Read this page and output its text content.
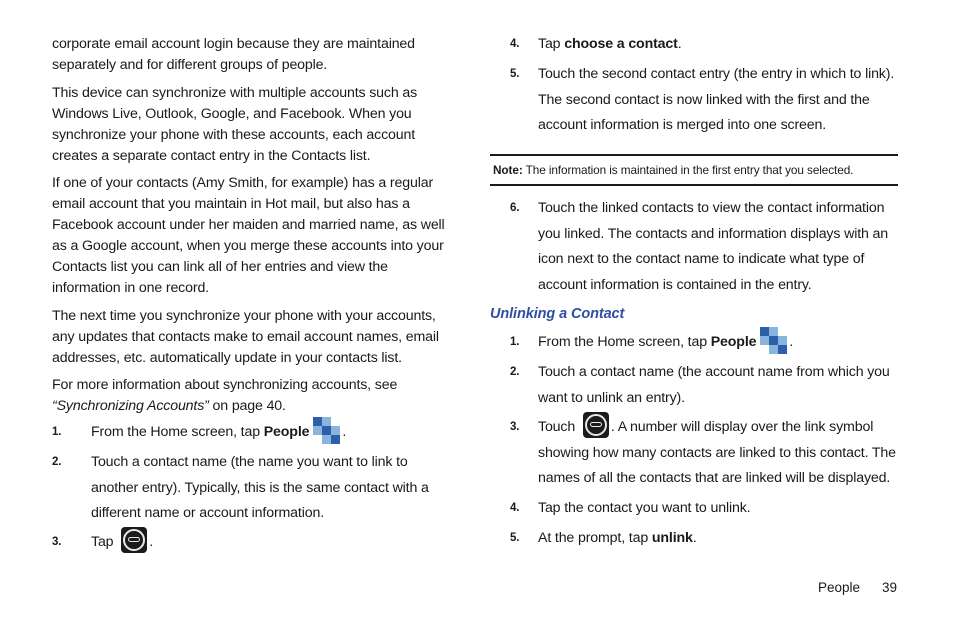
corporate email account login because they are maintained separately and for different groups of people.

This device can synchronize with multiple accounts such as Windows Live, Outlook, Google, and Facebook. When you synchronize your phone with these accounts, each account creates a separate contact entry in the Contacts list.

If one of your contacts (Amy Smith, for example) has a regular email account that you maintain in Hot mail, but also has a Facebook account under her maiden and married name, as well as a Google account, when you merge these accounts into your Contacts list you can link all of her entries and view the information in one record.

The next time you synchronize your phone with your accounts, any updates that contacts make to email account names, email addresses, etc. automatically update in your contacts list.

For more information about synchronizing accounts, see “Synchronizing Accounts” on page 40.

1.	From the Home screen, tap People .
2.	Touch a contact name (the name you want to link to another entry). Typically, this is the same contact with a different name or account information.
3.	Tap
.
4.	Tap choose a contact.
5.	Touch the second contact entry (the entry in which to link). The second contact is now linked with the first and the account information is merged into one screen.
6.	Touch the linked contacts to view the contact information you linked. The contacts and information displays with an icon next to the contact name to indicate what type of account information is contained in the entry.
1.	From the Home screen, tap People .
2.	Touch a contact name (the account name from which you want to unlink an entry).
3.	Touch
. A number will display over the link symbol showing how many contacts are linked to this contact. The names of all the contacts that are linked will be displayed.
4.	Tap the contact you want to unlink.
5.	At the prompt, tap unlink.
Note: The information is maintained in the first entry that you selected.
Unlinking a Contact
People 39
